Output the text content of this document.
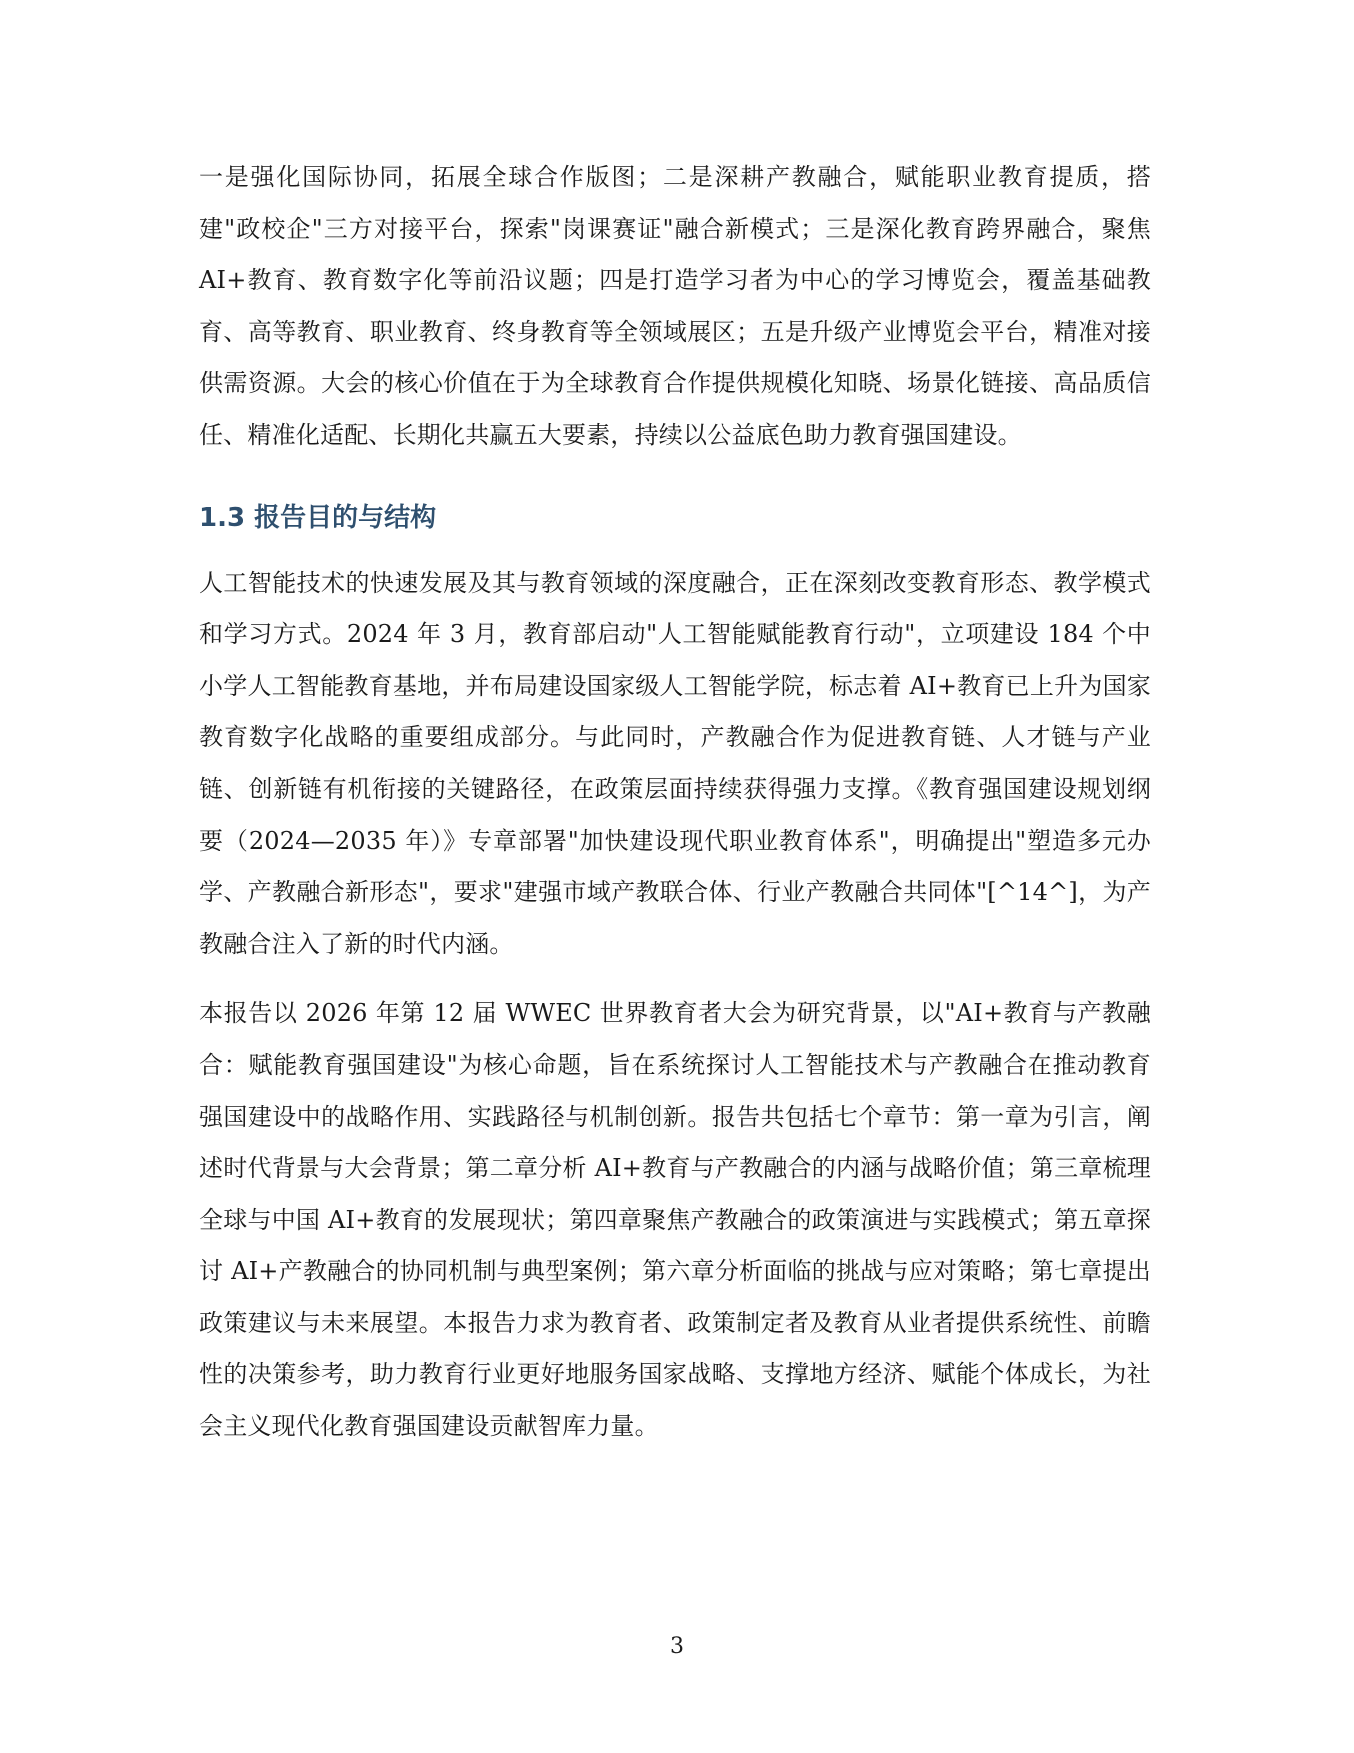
一是强化国际协同，拓展全球合作版图；二是深耕产教融合，赋能职业教育提质，搭建"政校企"三方对接平台，探索"岗课赛证"融合新模式；三是深化教育跨界融合，聚焦 AI+教育、教育数字化等前沿议题；四是打造学习者为中心的学习博览会，覆盖基础教育、高等教育、职业教育、终身教育等全领域展区；五是升级产业博览会平台，精准对接供需资源。大会的核心价值在于为全球教育合作提供规模化知晓、场景化链接、高品质信任、精准化适配、长期化共赢五大要素，持续以公益底色助力教育强国建设。

1.3 报告目的与结构

人工智能技术的快速发展及其与教育领域的深度融合，正在深刻改变教育形态、教学模式和学习方式。2024 年 3 月，教育部启动"人工智能赋能教育行动"，立项建设 184 个中小学人工智能教育基地，并布局建设国家级人工智能学院，标志着 AI+教育已上升为国家教育数字化战略的重要组成部分。与此同时，产教融合作为促进教育链、人才链与产业链、创新链有机衔接的关键路径，在政策层面持续获得强力支撑。《教育强国建设规划纲要（2024—2035 年）》专章部署"加快建设现代职业教育体系"，明确提出"塑造多元办学、产教融合新形态"，要求"建强市域产教联合体、行业产教融合共同体"[^14^]，为产教融合注入了新的时代内涵。

本报告以 2026 年第 12 届 WWEC 世界教育者大会为研究背景，以"AI+教育与产教融合：赋能教育强国建设"为核心命题，旨在系统探讨人工智能技术与产教融合在推动教育强国建设中的战略作用、实践路径与机制创新。报告共包括七个章节：第一章为引言，阐述时代背景与大会背景；第二章分析 AI+教育与产教融合的内涵与战略价值；第三章梳理全球与中国 AI+教育的发展现状；第四章聚焦产教融合的政策演进与实践模式；第五章探讨 AI+产教融合的协同机制与典型案例；第六章分析面临的挑战与应对策略；第七章提出政策建议与未来展望。本报告力求为教育者、政策制定者及教育从业者提供系统性、前瞻性的决策参考，助力教育行业更好地服务国家战略、支撑地方经济、赋能个体成长，为社会主义现代化教育强国建设贡献智库力量。

3
